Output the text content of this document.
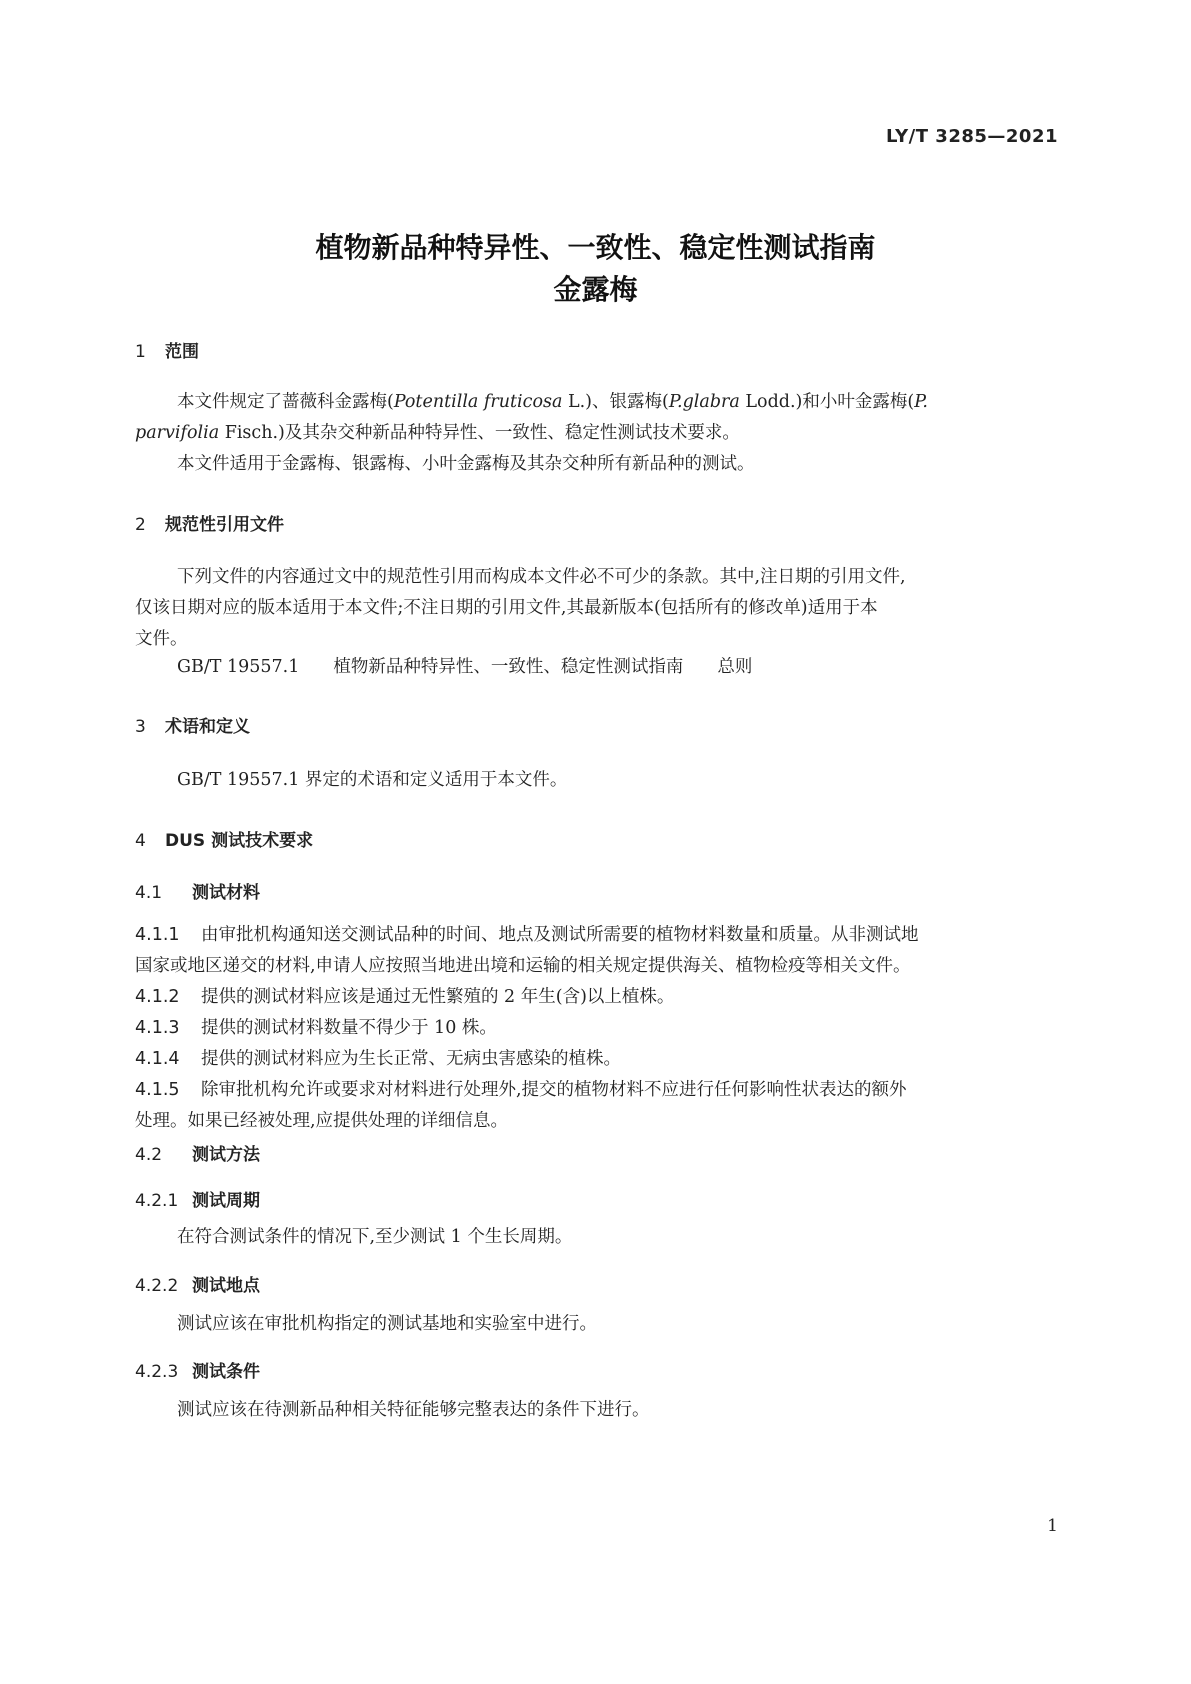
LY/T 3285—2021
植物新品种特异性、一致性、稳定性测试指南
金露梅
1 范围
本文件规定了蔷薇科金露梅(Potentilla fruticosa L.)、银露梅(P.glabra Lodd.)和小叶金露梅(P.
parvifolia Fisch.)及其杂交种新品种特异性、一致性、稳定性测试技术要求。
本文件适用于金露梅、银露梅、小叶金露梅及其杂交种所有新品种的测试。
2 规范性引用文件
下列文件的内容通过文中的规范性引用而构成本文件必不可少的条款。其中,注日期的引用文件,
仅该日期对应的版本适用于本文件;不注日期的引用文件,其最新版本(包括所有的修改单)适用于本
文件。
GB/T 19557.1 植物新品种特异性、一致性、稳定性测试指南 总则
3 术语和定义
GB/T 19557.1 界定的术语和定义适用于本文件。
4 DUS 测试技术要求
4.1 测试材料
4.1.1 由审批机构通知送交测试品种的时间、地点及测试所需要的植物材料数量和质量。从非测试地
国家或地区递交的材料,申请人应按照当地进出境和运输的相关规定提供海关、植物检疫等相关文件。
4.1.2 提供的测试材料应该是通过无性繁殖的 2 年生(含)以上植株。
4.1.3 提供的测试材料数量不得少于 10 株。
4.1.4 提供的测试材料应为生长正常、无病虫害感染的植株。
4.1.5 除审批机构允许或要求对材料进行处理外,提交的植物材料不应进行任何影响性状表达的额外
处理。如果已经被处理,应提供处理的详细信息。
4.2 测试方法
4.2.1 测试周期
在符合测试条件的情况下,至少测试 1 个生长周期。
4.2.2 测试地点
测试应该在审批机构指定的测试基地和实验室中进行。
4.2.3 测试条件
测试应该在待测新品种相关特征能够完整表达的条件下进行。
1
